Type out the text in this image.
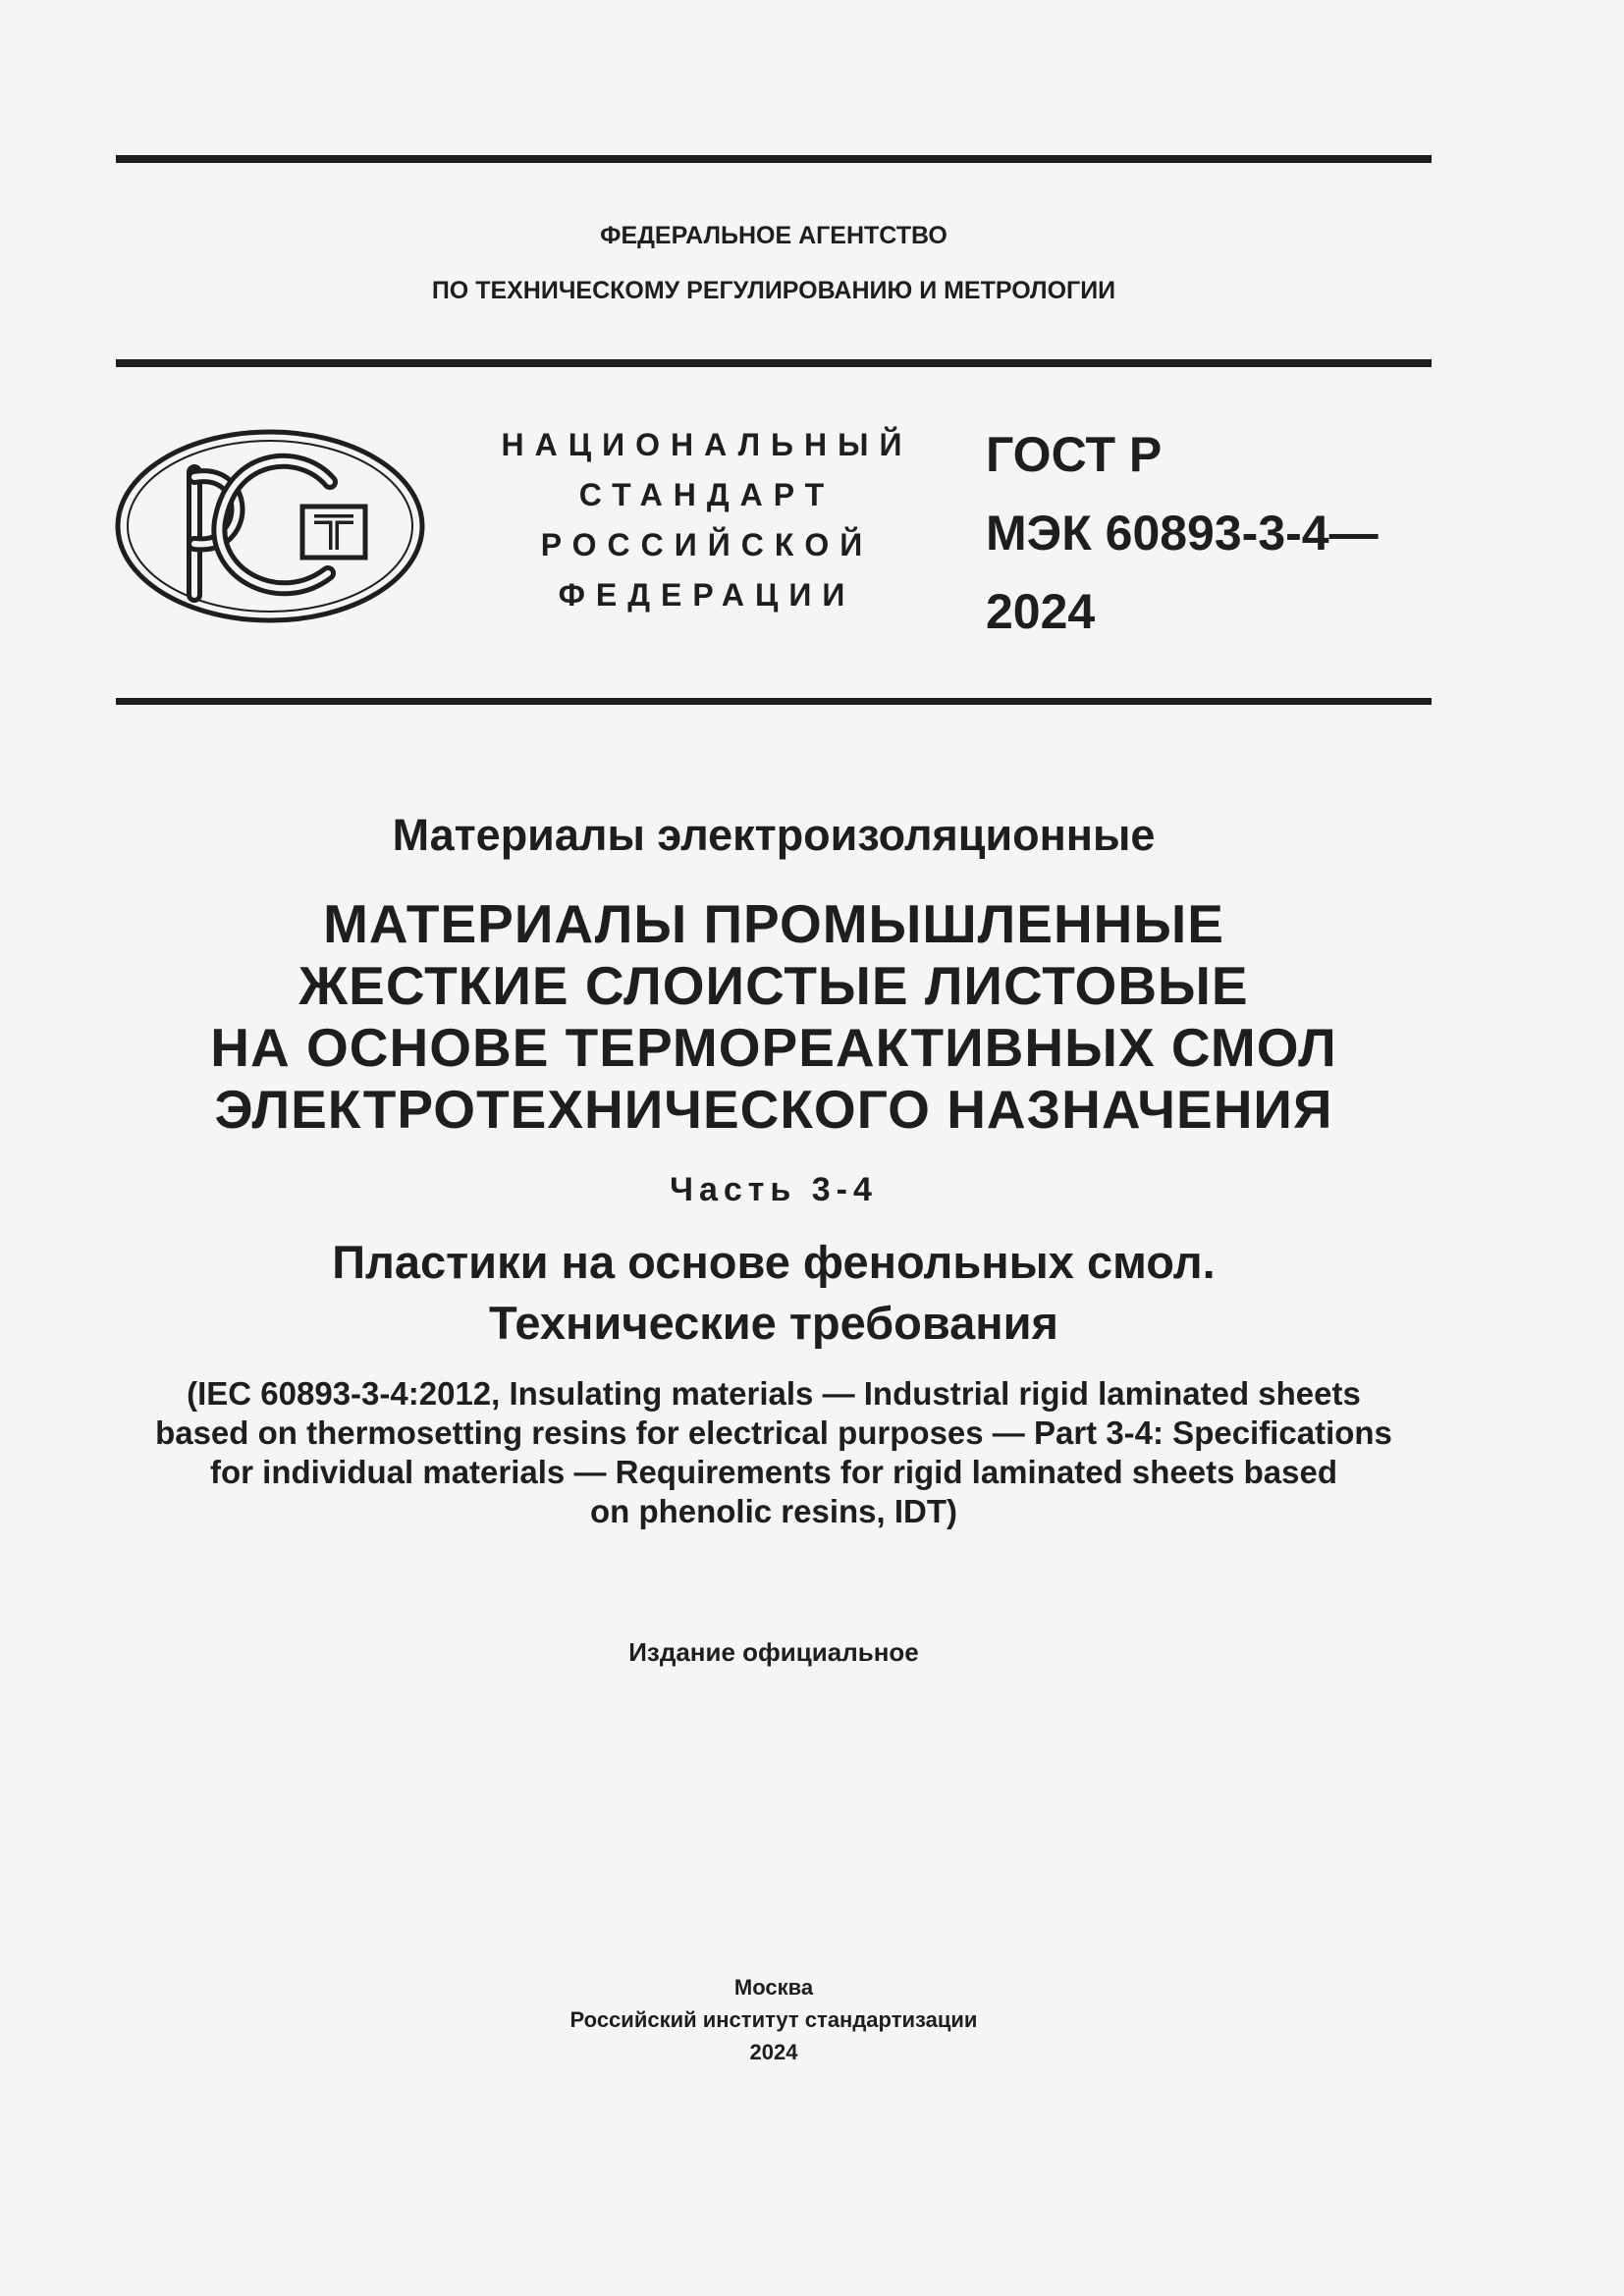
ФЕДЕРАЛЬНОЕ АГЕНТСТВО
ПО ТЕХНИЧЕСКОМУ РЕГУЛИРОВАНИЮ И МЕТРОЛОГИИ
НАЦИОНАЛЬНЫЙ
СТАНДАРТ
РОССИЙСКОЙ
ФЕДЕРАЦИИ
ГОСТ Р
МЭК 60893-3-4—
2024
Материалы электроизоляционные
МАТЕРИАЛЫ ПРОМЫШЛЕННЫЕ
ЖЕСТКИЕ СЛОИСТЫЕ ЛИСТОВЫЕ
НА ОСНОВЕ ТЕРМОРЕАКТИВНЫХ СМОЛ
ЭЛЕКТРОТЕХНИЧЕСКОГО НАЗНАЧЕНИЯ
Часть 3-4
Пластики на основе фенольных смол.
Технические требования
(IEC 60893-3-4:2012, Insulating materials — Industrial rigid laminated sheets
based on thermosetting resins for electrical purposes — Part 3-4: Specifications
for individual materials — Requirements for rigid laminated sheets based
on phenolic resins, IDT)
Издание официальное
Москва
Российский институт стандартизации
2024
